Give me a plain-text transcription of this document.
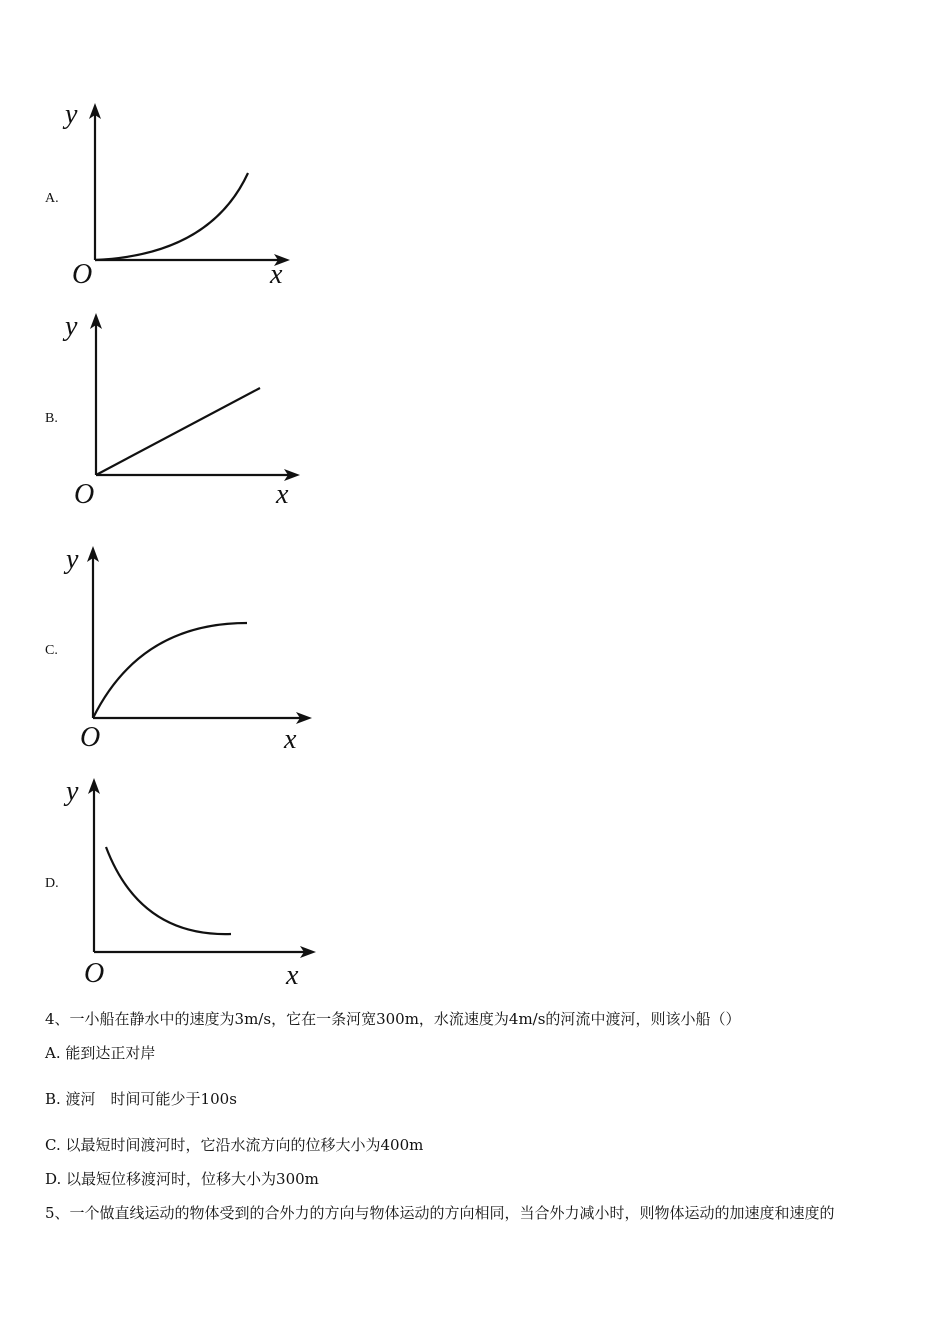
A.
y
O	x
B.
y
O	x
C.
y
O	x
D.
y
O	x
4、一小船在静水中的速度为3m/s，它在一条河宽300m，水流速度为4m/s的河流中渡河，则该小船（）
A. 能到达正对岸
B. 渡河　时间可能少于100s
C. 以最短时间渡河时，它沿水流方向的位移大小为400m
D. 以最短位移渡河时，位移大小为300m
5、一个做直线运动的物体受到的合外力的方向与物体运动的方向相同，当合外力减小时，则物体运动的加速度和速度的
